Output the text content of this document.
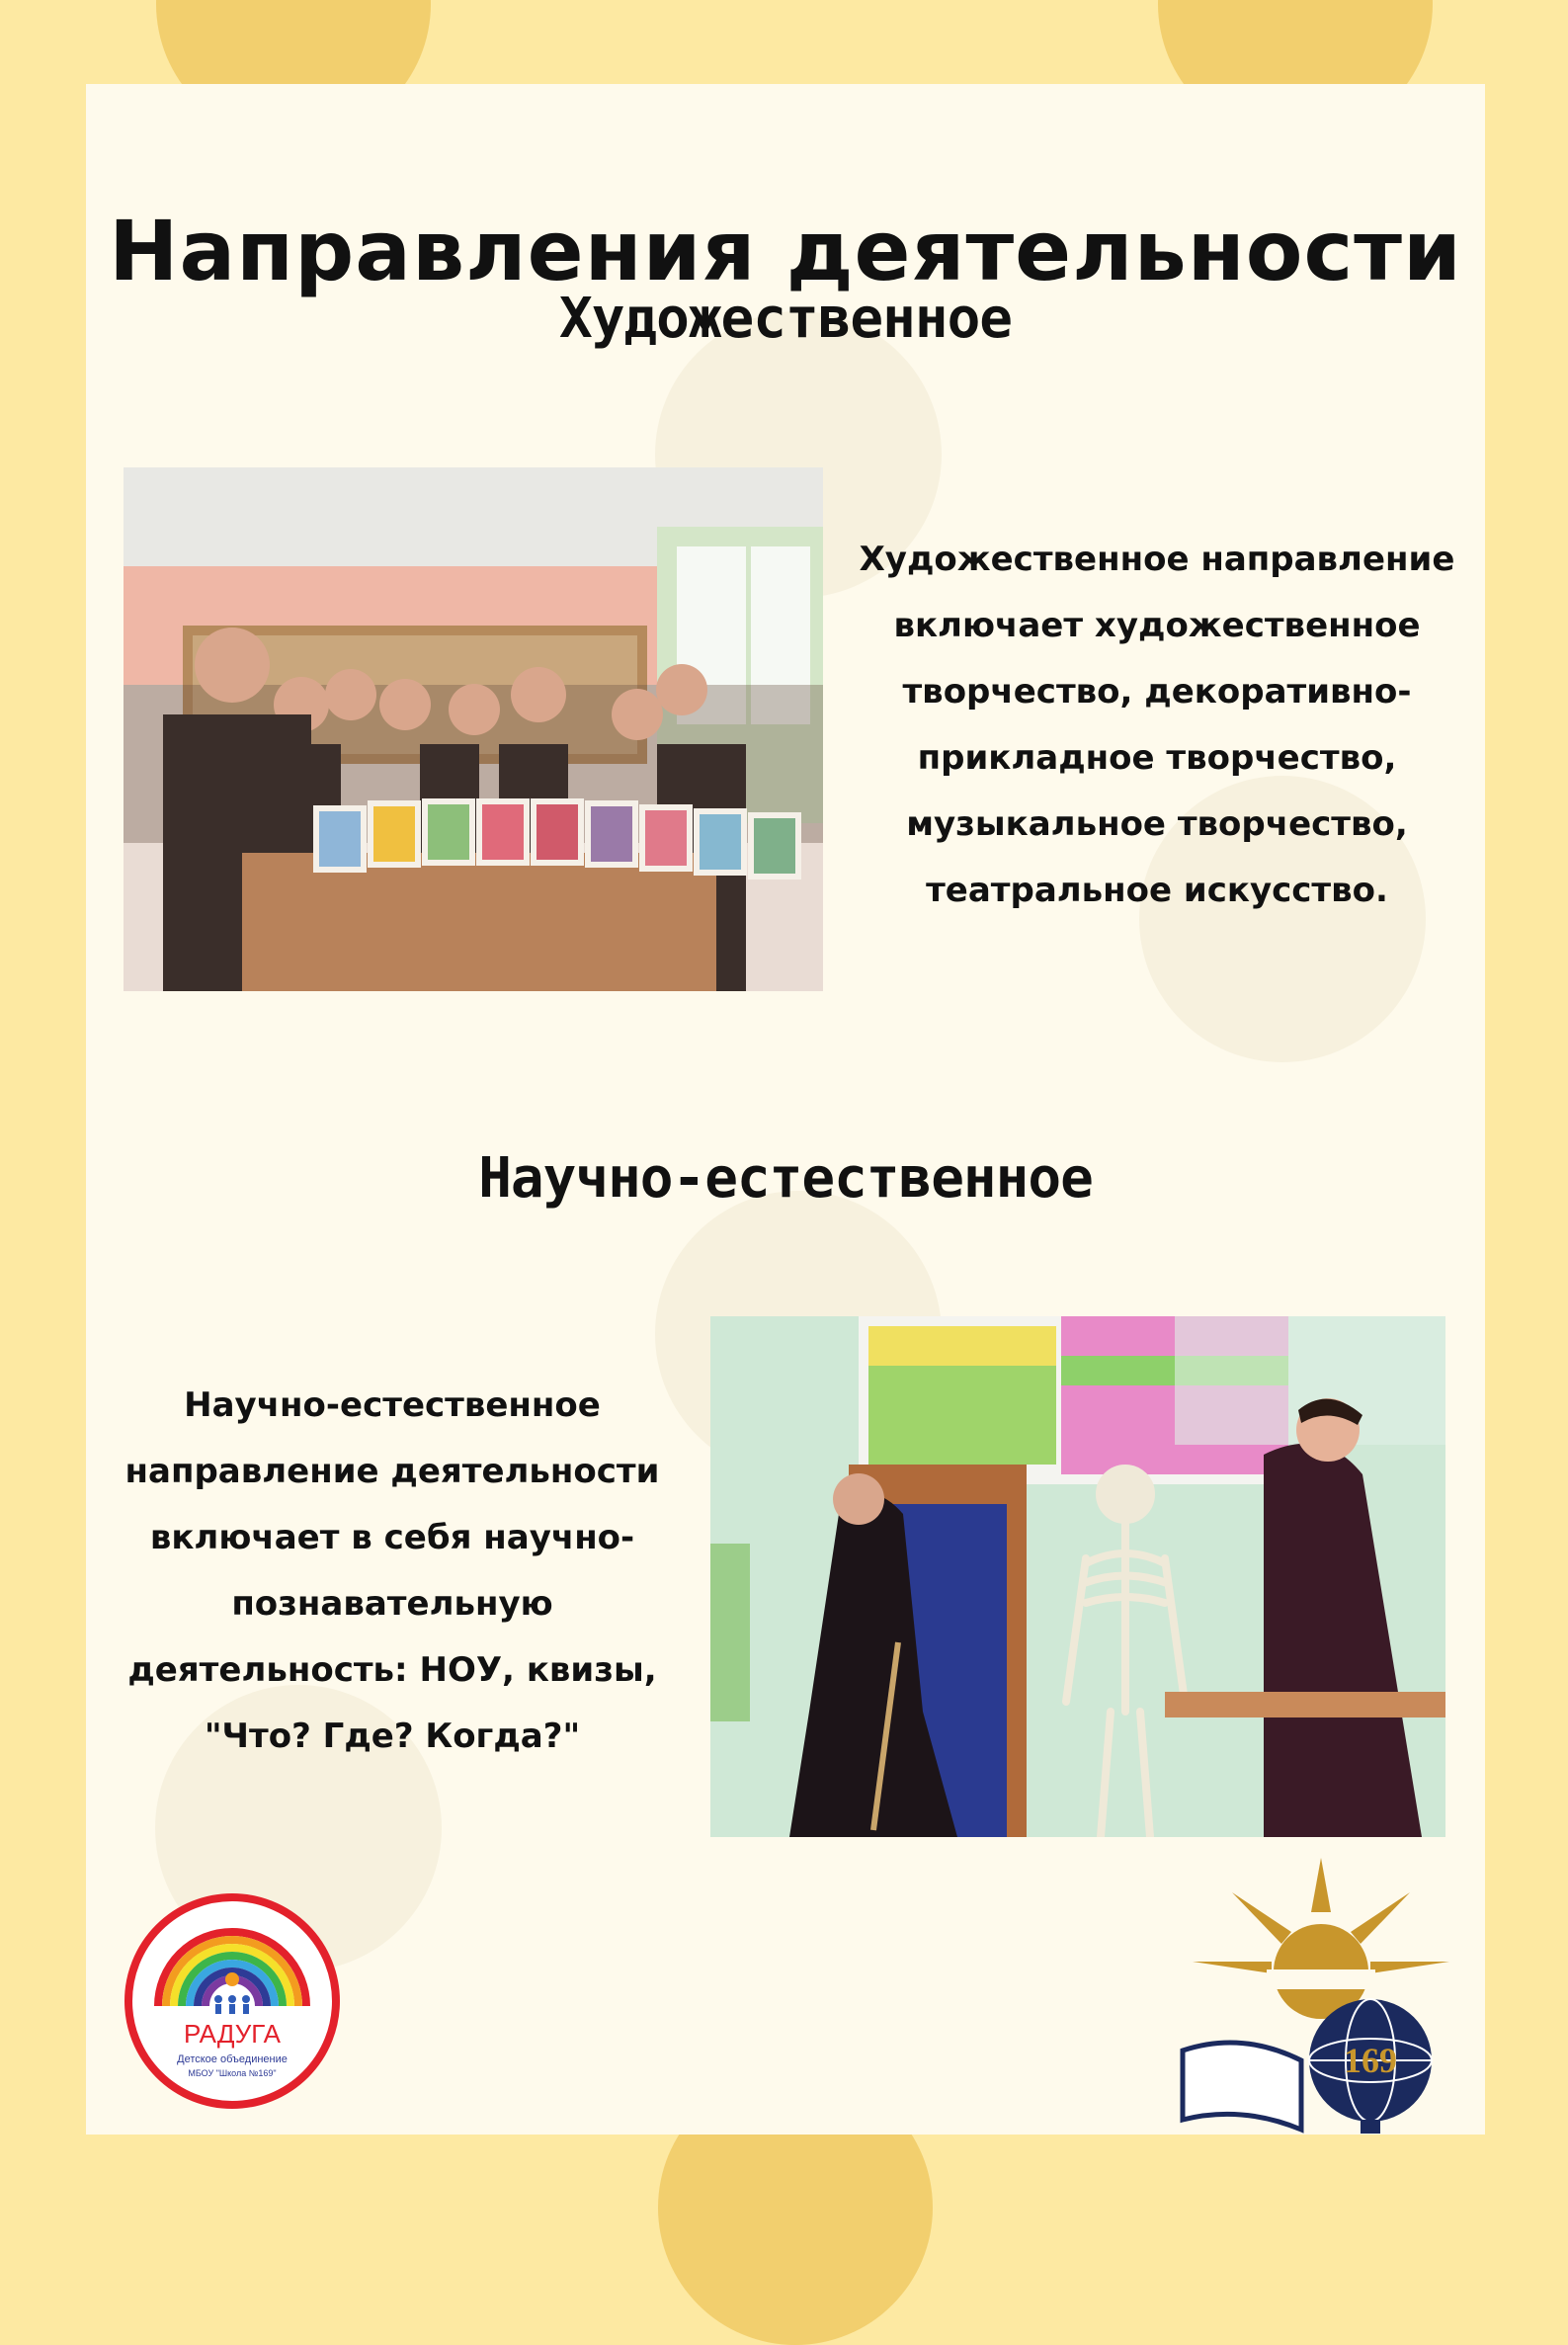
Направления деятельности
Художественное
Художественное направление
включает художественное
творчество, декоративно-
прикладное творчество,
музыкальное творчество,
театральное искусство.
Научно-естественное
Научно-естественное
направление деятельности
включает в себя научно-
познавательную
деятельность: НОУ, квизы,
"Что? Где? Когда?"
РАДУГА
Детское объединение
МБОУ "Школа №169"	169
